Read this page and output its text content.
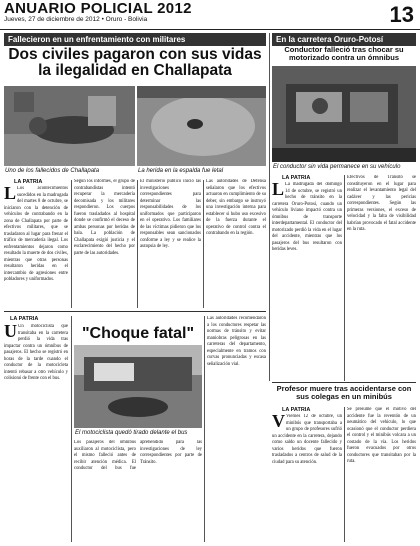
ANUARIO POLICIAL 2012
Jueves, 27 de diciembre de 2012 • Oruro - Bolivia	13
Fallecieron en un enfrentamiento con militares
Dos civiles pagaron con sus vidas la ilegalidad en Challapata
Uno de los fallecidos de Challapata	La herida en la espalda fue letal
LA PATRIA
L Los acontecimientos sucedidos en la madrugada del martes 8 de octubre, se iniciaron con la detención de vehículos de contrabando en la zona de Challapata por parte de efectivos militares, que se trasladaron al lugar para frenar el tráfico de mercadería ilegal. Los enfrentamientos dejaron como resultado la muerte de dos civiles, mientras que otras personas resultaron heridas en el intercambio de agresiones entre pobladores y uniformados.
Según los informes, el grupo de contrabandistas intentó recuperar la mercadería decomisada y los militares respondieron. Los cuerpos fueron trasladados al hospital donde se confirmó el deceso de ambas personas por heridas de bala. La población de Challapata exigió justicia y el esclarecimiento del hecho por parte de las autoridades.
El ministerio público inició las investigaciones correspondientes para determinar las responsabilidades de los uniformados que participaron en el operativo. Los familiares de las víctimas pidieron que los responsables sean sancionados conforme a ley y se realice la autopsia de ley.
Las autoridades de Defensa señalaron que los efectivos actuaron en cumplimiento de su deber, sin embargo se instruyó una investigación interna para establecer si hubo uso excesivo de la fuerza durante el operativo de control contra el contrabando en la región.
En la carretera Oruro-Potosí
Conductor falleció tras chocar su motorizado contra un ómnibus
El conductor sin vida permanece en su vehículo
LA PATRIA
L La madrugada del domingo 14 de octubre, se registró un hecho de tránsito en la carretera Oruro-Potosí, cuando un vehículo liviano impactó contra un ómnibus de transporte interdepartamental. El conductor del motorizado perdió la vida en el lugar del accidente, mientras que los pasajeros del bus resultaron con heridas leves.
Efectivos de Tránsito se constituyeron en el lugar para realizar el levantamiento legal del cadáver y las pericias correspondientes. Según las primeras versiones, el exceso de velocidad y la falta de visibilidad habrían provocado el fatal accidente en la ruta.
LA PATRIA
"Choque fatal"
El motociclista quedó tirado delante el bus
U Un motociclista que transitaba en la carretera perdió la vida tras impactar contra un ómnibus de pasajeros. El hecho se registró en horas de la tarde cuando el conductor de la motocicleta intentó rebasar a otro vehículo y colisionó de frente con el bus.
Los pasajeros del ómnibus auxiliaron al motociclista, pero el mismo falleció antes de recibir atención médica. El conductor del bus fue aprehendido para las investigaciones de ley correspondientes por parte de Tránsito.
Las autoridades recomendaron a los conductores respetar las normas de tránsito y evitar maniobras peligrosas en las carreteras del departamento, especialmente en tramos con curvas pronunciadas y escasa señalización vial.
Profesor muere tras accidentarse con sus colegas en un minibús
LA PATRIA
V Viernes 12 de octubre, un minibús que transportaba a un grupo de profesores sufrió un accidente en la carretera, dejando como saldo un docente fallecido y varios heridos que fueron trasladados a centros de salud de la ciudad para su atención.
Se presume que el motivo del accidente fue la reventón de un neumático del vehículo, lo que ocasionó que el conductor perdiera el control y el minibús volcara a un costado de la vía. Los heridos fueron evacuados por otros conductores que transitaban por la ruta.
